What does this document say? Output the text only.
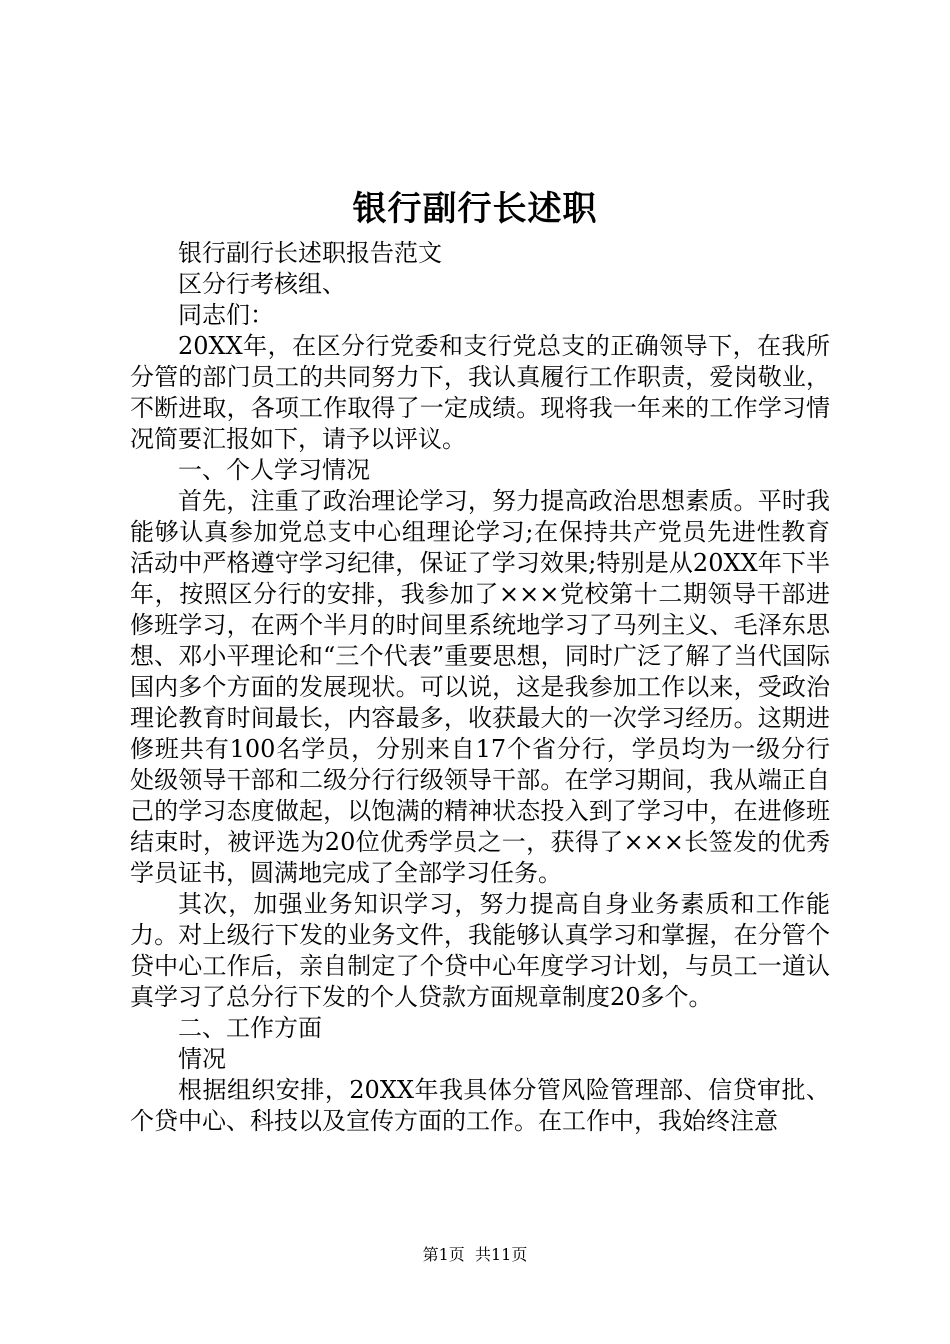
银行副行长述职

银行副行长述职报告范文

区分行考核组、

同志们：

20XX年，在区分行党委和支行党总支的正确领导下，在我所分管的部门员工的共同努力下，我认真履行工作职责，爱岗敬业，不断进取，各项工作取得了一定成绩。现将我一年来的工作学习情况简要汇报如下，请予以评议。

一、个人学习情况

首先，注重了政治理论学习，努力提高政治思想素质。平时我能够认真参加党总支中心组理论学习;在保持共产党员先进性教育活动中严格遵守学习纪律，保证了学习效果;特别是从20XX年下半年，按照区分行的安排，我参加了×××党校第十二期领导干部进修班学习，在两个半月的时间里系统地学习了马列主义、毛泽东思想、邓小平理论和“三个代表”重要思想，同时广泛了解了当代国际国内多个方面的发展现状。可以说，这是我参加工作以来，受政治理论教育时间最长，内容最多，收获最大的一次学习经历。这期进修班共有100名学员，分别来自17个省分行，学员均为一级分行处级领导干部和二级分行行级领导干部。在学习期间，我从端正自己的学习态度做起，以饱满的精神状态投入到了学习中，在进修班结束时，被评选为20位优秀学员之一，获得了×××长签发的优秀学员证书，圆满地完成了全部学习任务。

其次，加强业务知识学习，努力提高自身业务素质和工作能力。对上级行下发的业务文件，我能够认真学习和掌握，在分管个贷中心工作后，亲自制定了个贷中心年度学习计划，与员工一道认真学习了总分行下发的个人贷款方面规章制度20多个。

二、工作方面

情况

根据组织安排，20XX年我具体分管风险管理部、信贷审批、个贷中心、科技以及宣传方面的工作。在工作中，我始终注意

第1页 共11页
